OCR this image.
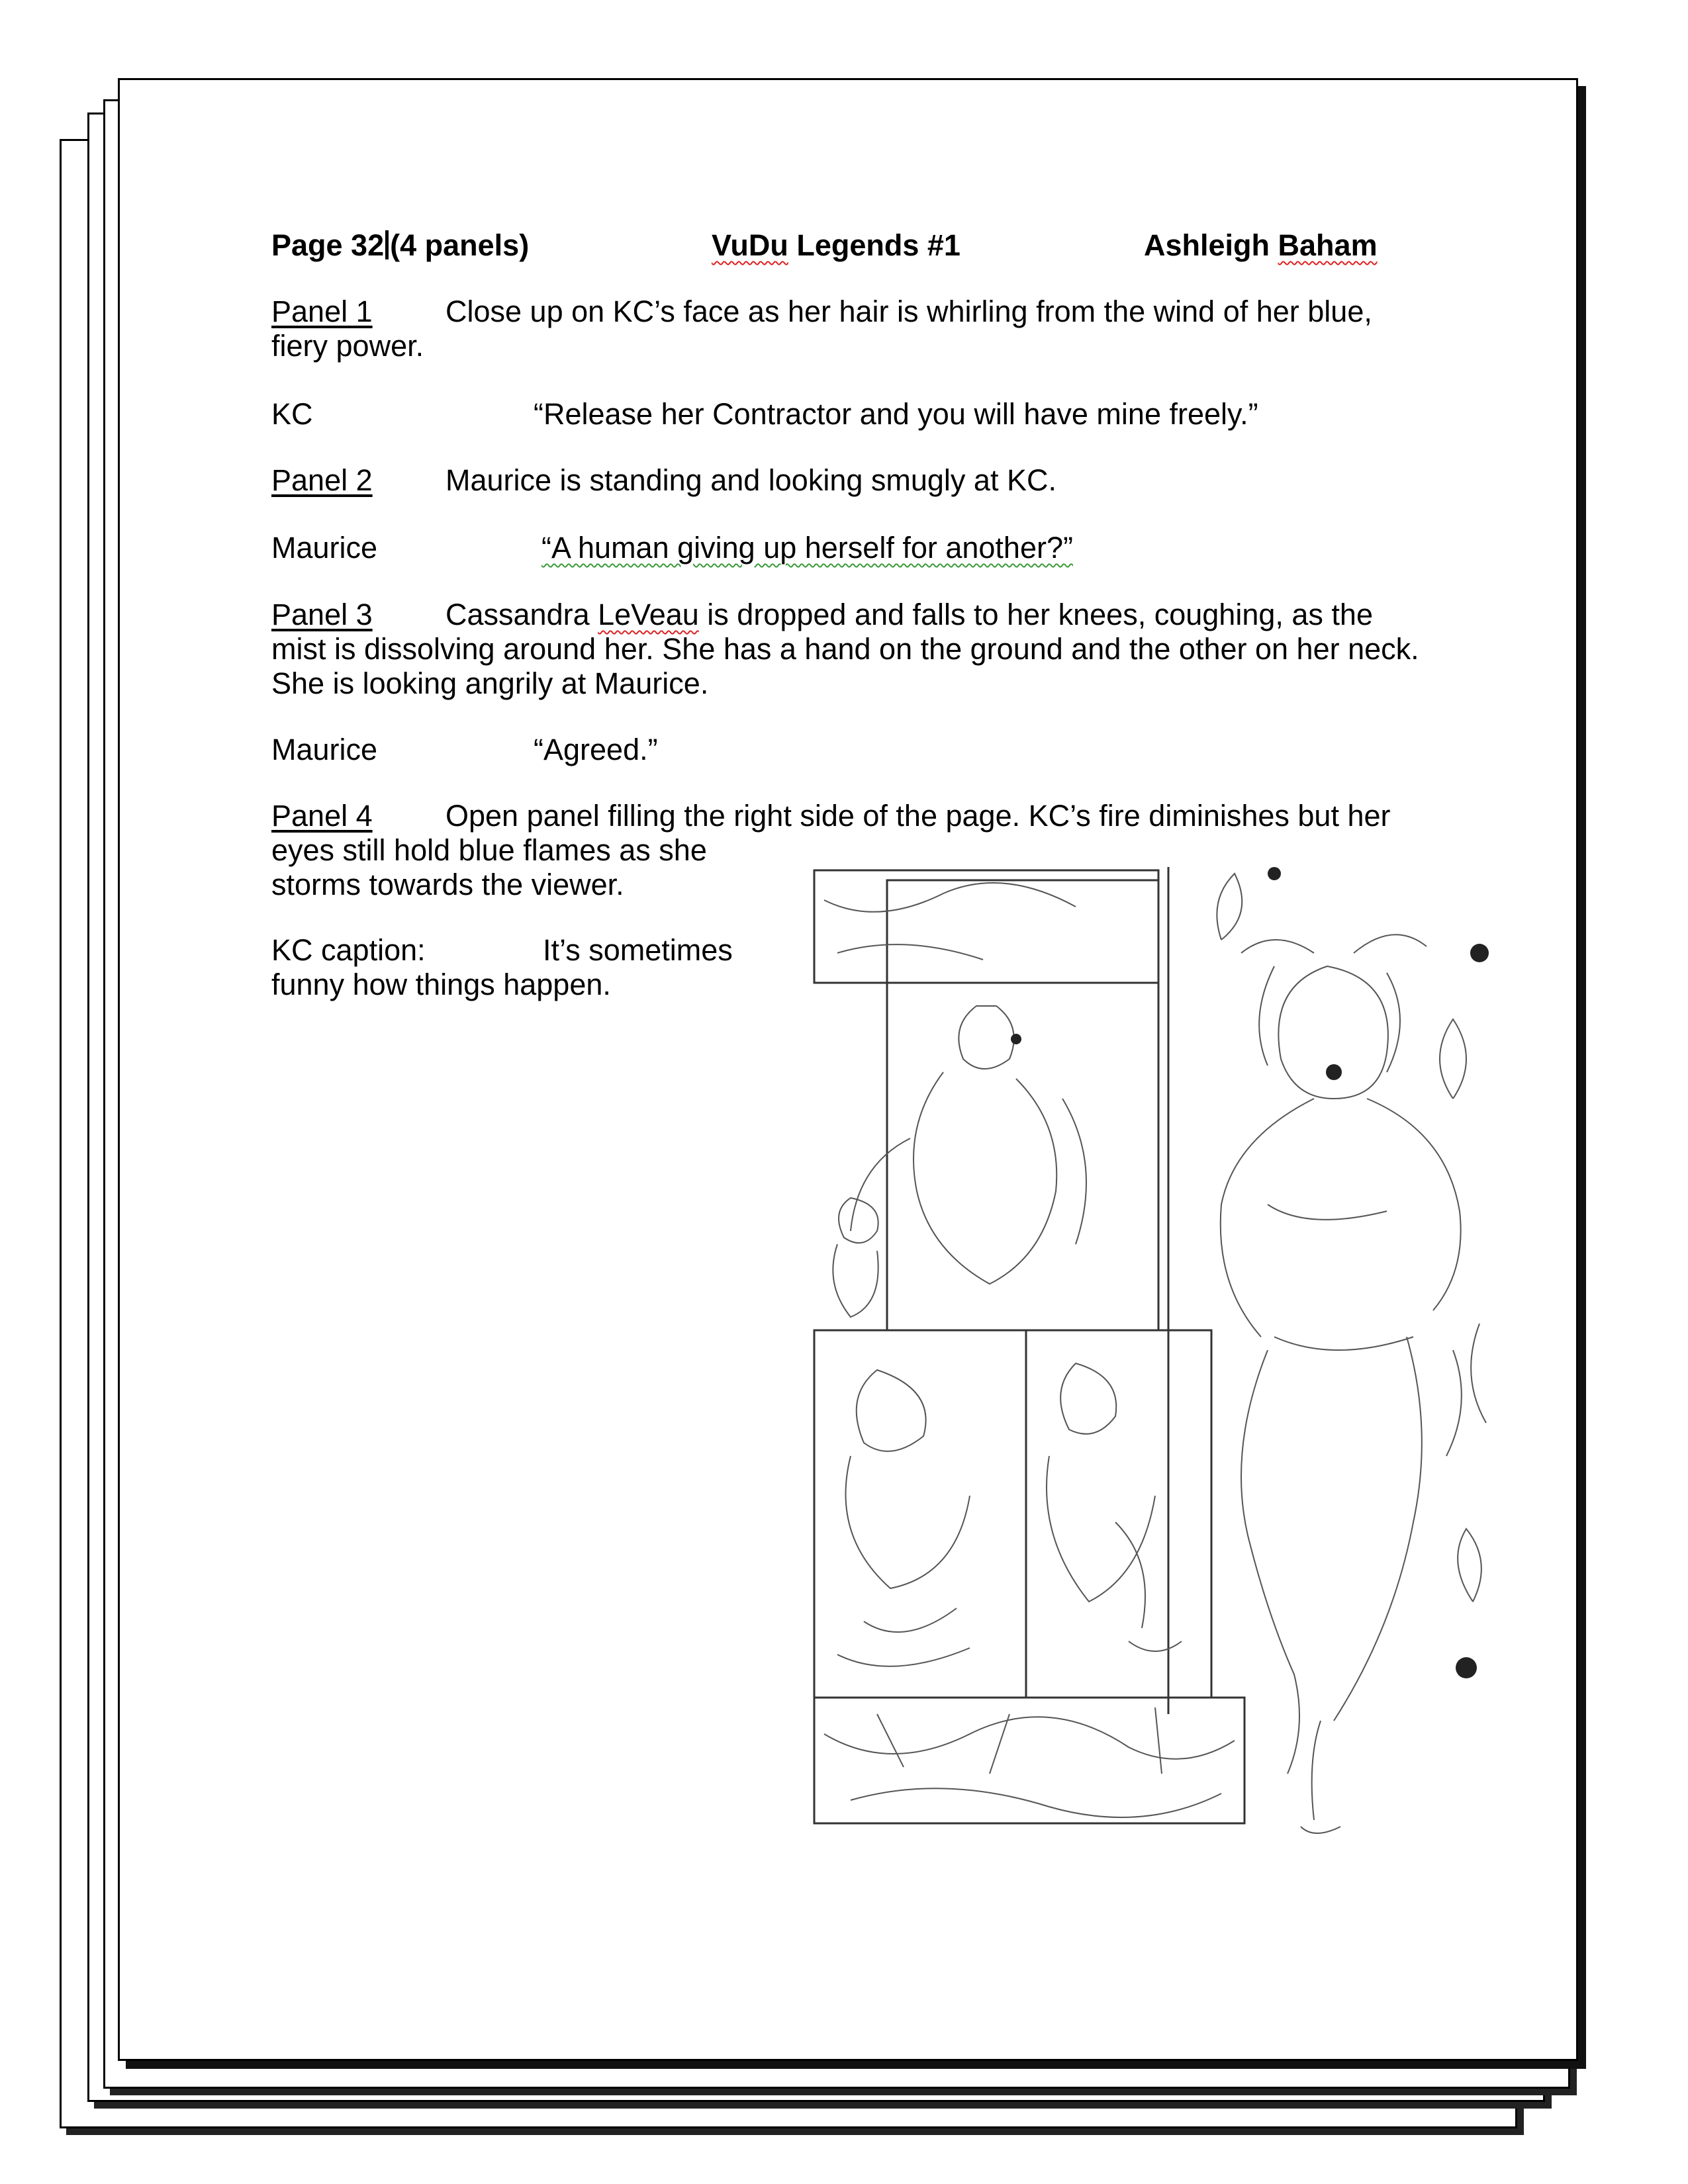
Page 32 (4 panels)	VuDu Legends #1	Ashleigh Baham
Panel 1 Close up on KC’s face as her hair is whirling from the wind of her blue,
fiery power.
KC	“Release her Contractor and you will have mine freely.”
Panel 2 Maurice is standing and looking smugly at KC.
Maurice	“A human giving up herself for another?”
Panel 3 Cassandra LeVeau is dropped and falls to her knees, coughing, as the
mist is dissolving around her. She has a hand on the ground and the other on her neck.
She is looking angrily at Maurice.
Maurice	“Agreed.”
Panel 4 Open panel filling the right side of the page. KC’s fire diminishes but her
eyes still hold blue flames as she
storms towards the viewer.
KC caption:	It’s sometimes
funny how things happen.
